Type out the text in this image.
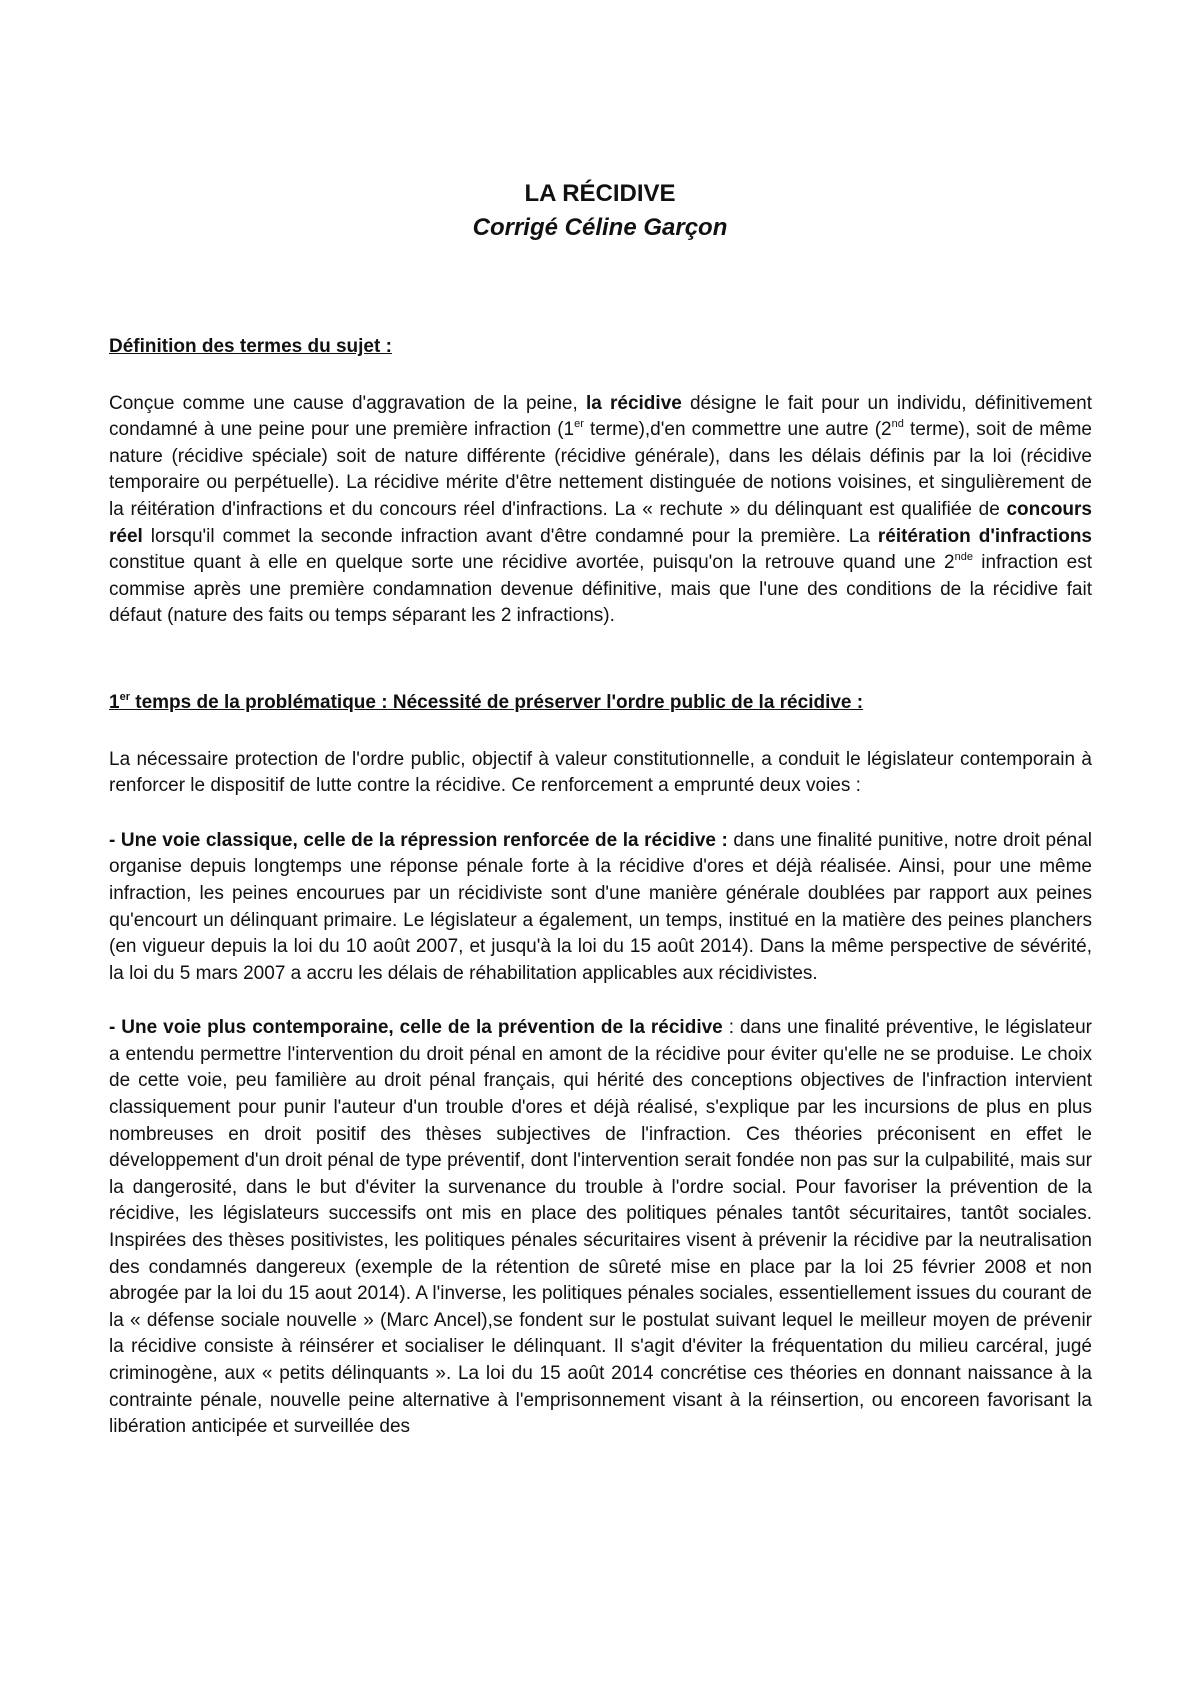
LA RÉCIDIVE
Corrigé Céline Garçon

Définition des termes du sujet :

Conçue comme une cause d'aggravation de la peine, la récidive désigne le fait pour un individu, définitivement condamné à une peine pour une première infraction (1er terme),d'en commettre une autre (2nd terme), soit de même nature (récidive spéciale) soit de nature différente (récidive générale), dans les délais définis par la loi (récidive temporaire ou perpétuelle). La récidive mérite d'être nettement distinguée de notions voisines, et singulièrement de la réitération d'infractions et du concours réel d'infractions. La « rechute » du délinquant est qualifiée de concours réel lorsqu'il commet la seconde infraction avant d'être condamné pour la première. La réitération d'infractions constitue quant à elle en quelque sorte une récidive avortée, puisqu'on la retrouve quand une 2nde infraction est commise après une première condamnation devenue définitive, mais que l'une des conditions de la récidive fait défaut (nature des faits ou temps séparant les 2 infractions).

1er temps de la problématique : Nécessité de préserver l'ordre public de la récidive :

La nécessaire protection de l'ordre public, objectif à valeur constitutionnelle, a conduit le législateur contemporain à renforcer le dispositif de lutte contre la récidive. Ce renforcement a emprunté deux voies :

- Une voie classique, celle de la répression renforcée de la récidive : dans une finalité punitive, notre droit pénal organise depuis longtemps une réponse pénale forte à la récidive d'ores et déjà réalisée. Ainsi, pour une même infraction, les peines encourues par un récidiviste sont d'une manière générale doublées par rapport aux peines qu'encourt un délinquant primaire. Le législateur a également, un temps, institué en la matière des peines planchers (en vigueur depuis la loi du 10 août 2007, et jusqu'à la loi du 15 août 2014). Dans la même perspective de sévérité, la loi du 5 mars 2007 a accru les délais de réhabilitation applicables aux récidivistes.

- Une voie plus contemporaine, celle de la prévention de la récidive : dans une finalité préventive, le législateur a entendu permettre l'intervention du droit pénal en amont de la récidive pour éviter qu'elle ne se produise. Le choix de cette voie, peu familière au droit pénal français, qui hérité des conceptions objectives de l'infraction intervient classiquement pour punir l'auteur d'un trouble d'ores et déjà réalisé, s'explique par les incursions de plus en plus nombreuses en droit positif des thèses subjectives de l'infraction. Ces théories préconisent en effet le développement d'un droit pénal de type préventif, dont l'intervention serait fondée non pas sur la culpabilité, mais sur la dangerosité, dans le but d'éviter la survenance du trouble à l'ordre social. Pour favoriser la prévention de la récidive, les législateurs successifs ont mis en place des politiques pénales tantôt sécuritaires, tantôt sociales. Inspirées des thèses positivistes, les politiques pénales sécuritaires visent à prévenir la récidive par la neutralisation des condamnés dangereux (exemple de la rétention de sûreté mise en place par la loi 25 février 2008 et non abrogée par la loi du 15 aout 2014). A l'inverse, les politiques pénales sociales, essentiellement issues du courant de la « défense sociale nouvelle » (Marc Ancel),se fondent sur le postulat suivant lequel le meilleur moyen de prévenir la récidive consiste à réinsérer et socialiser le délinquant. Il s'agit d'éviter la fréquentation du milieu carcéral, jugé criminogène, aux « petits délinquants ». La loi du 15 août 2014 concrétise ces théories en donnant naissance à la contrainte pénale, nouvelle peine alternative à l'emprisonnement visant à la réinsertion, ou encoreen favorisant la libération anticipée et surveillée des
